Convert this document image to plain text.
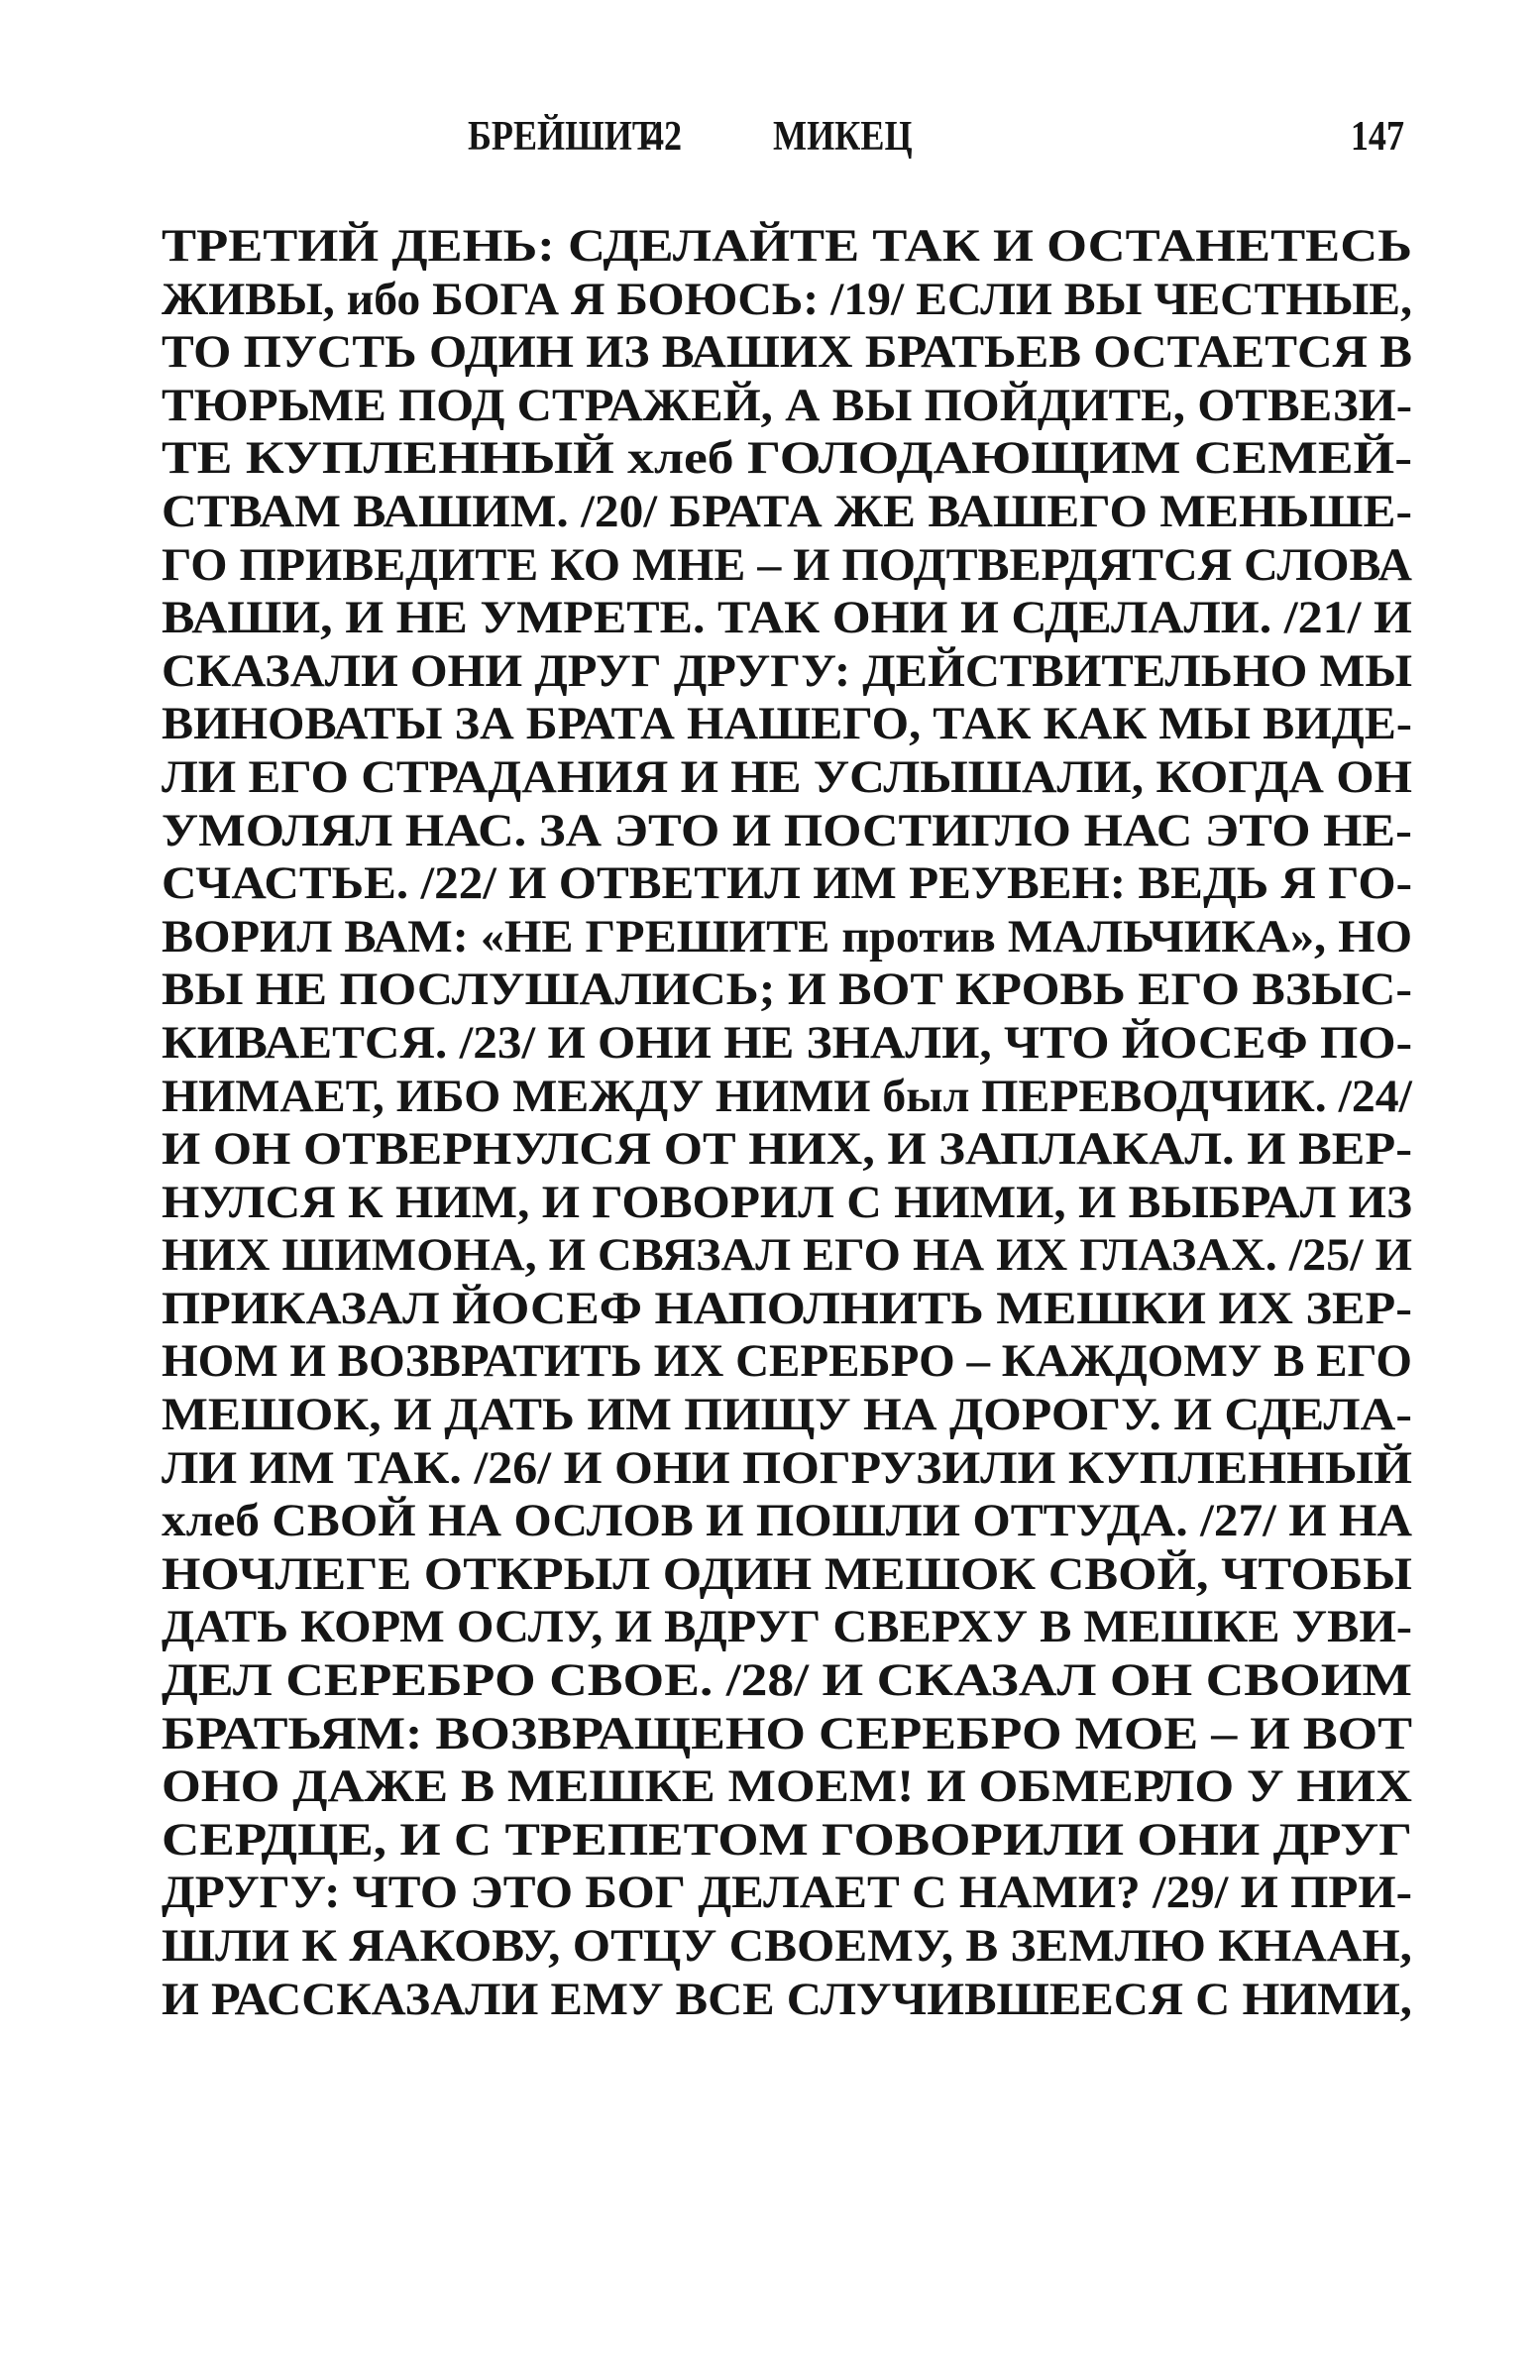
БРЕЙШИТ
42 МИКЕЦ	147
ТРЕТИЙ ДЕНЬ: СДЕЛАЙТЕ ТАК И ОСТАНЕТЕСЬ
ЖИВЫ, ибо БОГА Я БОЮСЬ: /19/ ЕСЛИ ВЫ ЧЕСТНЫЕ,
ТО ПУСТЬ ОДИН ИЗ ВАШИХ БРАТЬЕВ ОСТАЕТСЯ В
ТЮРЬМЕ ПОД СТРАЖЕЙ, А ВЫ ПОЙДИТЕ, ОТВЕЗИ-
ТЕ КУПЛЕННЫЙ хлеб ГОЛОДАЮЩИМ СЕМЕЙ-
СТВАМ ВАШИМ. /20/ БРАТА ЖЕ ВАШЕГО МЕНЬШЕ-
ГО ПРИВЕДИТЕ КО МНЕ – И ПОДТВЕРДЯТСЯ СЛОВА
ВАШИ, И НЕ УМРЕТЕ. ТАК ОНИ И СДЕЛАЛИ. /21/ И
СКАЗАЛИ ОНИ ДРУГ ДРУГУ: ДЕЙСТВИТЕЛЬНО МЫ
ВИНОВАТЫ ЗА БРАТА НАШЕГО, ТАК КАК МЫ ВИДЕ-
ЛИ ЕГО СТРАДАНИЯ И НЕ УСЛЫШАЛИ, КОГДА ОН
УМОЛЯЛ НАС. ЗА ЭТО И ПОСТИГЛО НАС ЭТО НЕ-
СЧАСТЬЕ. /22/ И ОТВЕТИЛ ИМ РЕУВЕН: ВЕДЬ Я ГО-
ВОРИЛ ВАМ: «НЕ ГРЕШИТЕ против МАЛЬЧИКА», НО
ВЫ НЕ ПОСЛУШАЛИСЬ; И ВОТ КРОВЬ ЕГО ВЗЫС-
КИВАЕТСЯ. /23/ И ОНИ НЕ ЗНАЛИ, ЧТО ЙОСЕФ ПО-
НИМАЕТ, ИБО МЕЖДУ НИМИ был ПЕРЕВОДЧИК. /24/
И ОН ОТВЕРНУЛСЯ ОТ НИХ, И ЗАПЛАКАЛ. И ВЕР-
НУЛСЯ К НИМ, И ГОВОРИЛ С НИМИ, И ВЫБРАЛ ИЗ
НИХ ШИМОНА, И СВЯЗАЛ ЕГО НА ИХ ГЛАЗАХ. /25/ И
ПРИКАЗАЛ ЙОСЕФ НАПОЛНИТЬ МЕШКИ ИХ ЗЕР-
НОМ И ВОЗВРАТИТЬ ИХ СЕРЕБРО – КАЖДОМУ В ЕГО
МЕШОК, И ДАТЬ ИМ ПИЩУ НА ДОРОГУ. И СДЕЛА-
ЛИ ИМ ТАК. /26/ И ОНИ ПОГРУЗИЛИ КУПЛЕННЫЙ
хлеб СВОЙ НА ОСЛОВ И ПОШЛИ ОТТУДА. /27/ И НА
НОЧЛЕГЕ ОТКРЫЛ ОДИН МЕШОК СВОЙ, ЧТОБЫ
ДАТЬ КОРМ ОСЛУ, И ВДРУГ СВЕРХУ В МЕШКЕ УВИ-
ДЕЛ СЕРЕБРО СВОЕ. /28/ И СКАЗАЛ ОН СВОИМ
БРАТЬЯМ: ВОЗВРАЩЕНО СЕРЕБРО МОЕ – И ВОТ
ОНО ДАЖЕ В МЕШКЕ МОЕМ! И ОБМЕРЛО У НИХ
СЕРДЦЕ, И С ТРЕПЕТОМ ГОВОРИЛИ ОНИ ДРУГ
ДРУГУ: ЧТО ЭТО БОГ ДЕЛАЕТ С НАМИ? /29/ И ПРИ-
ШЛИ К ЯАКОВУ, ОТЦУ СВОЕМУ, В ЗЕМЛЮ КНААН,
И РАССКАЗАЛИ ЕМУ ВСЕ СЛУЧИВШЕЕСЯ С НИМИ,
